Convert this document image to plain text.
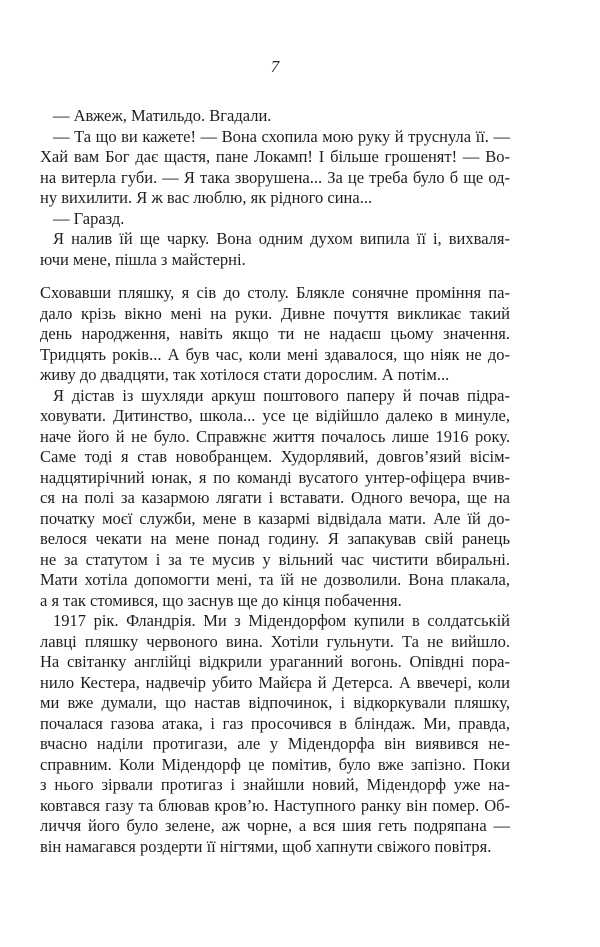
7
— Авжеж, Матильдо. Вгадали.
— Та що ви кажете! — Вона схопила мою руку й труснула її. —
Хай вам Бог дає щастя, пане Локамп! І більше грошенят! — Во-
на витерла губи. — Я така зворушена... За це треба було б ще од-
ну вихилити. Я ж вас люблю, як рідного сина...
— Гаразд.
Я налив їй ще чарку. Вона одним духом випила її і, вихваля-
ючи мене, пішла з майстерні.
Сховавши пляшку, я сів до столу. Блякле сонячне проміння па-
дало крізь вікно мені на руки. Дивне почуття викликає такий
день народження, навіть якщо ти не надаєш цьому значення.
Тридцять років... А був час, коли мені здавалося, що ніяк не до-
живу до двадцяти, так хотілося стати дорослим. А потім...
Я дістав із шухляди аркуш поштового паперу й почав підра-
ховувати. Дитинство, школа... усе це відійшло далеко в минуле,
наче його й не було. Справжнє життя почалось лише 1916 року.
Саме тоді я став новобранцем. Худорлявий, довгов’язий вісім-
надцятирічний юнак, я по команді вусатого унтер-офіцера вчив-
ся на полі за казармою лягати і вставати. Одного вечора, ще на
початку моєї служби, мене в казармі відвідала мати. Але їй до-
велося чекати на мене понад годину. Я запакував свій ранець
не за статутом і за те мусив у вільний час чистити вбиральні.
Мати хотіла допомогти мені, та їй не дозволили. Вона плакала,
а я так стомився, що заснув ще до кінця побачення.
1917 рік. Фландрія. Ми з Мідендорфом купили в солдатській
лавці пляшку червоного вина. Хотіли гульнути. Та не вийшло.
На світанку англійці відкрили ураганний вогонь. Опівдні пора-
нило Кестера, надвечір убито Майєра й Детерса. А ввечері, коли
ми вже думали, що настав відпочинок, і відкоркували пляшку,
почалася газова атака, і газ просочився в бліндаж. Ми, правда,
вчасно наділи протигази, але у Мідендорфа він виявився не-
справним. Коли Мідендорф це помітив, було вже запізно. Поки
з нього зірвали протигаз і знайшли новий, Мідендорф уже на-
ковтався газу та блював кров’ю. Наступного ранку він помер. Об-
личчя його було зелене, аж чорне, а вся шия геть подряпана —
він намагався роздерти її нігтями, щоб хапнути свіжого повітря.
